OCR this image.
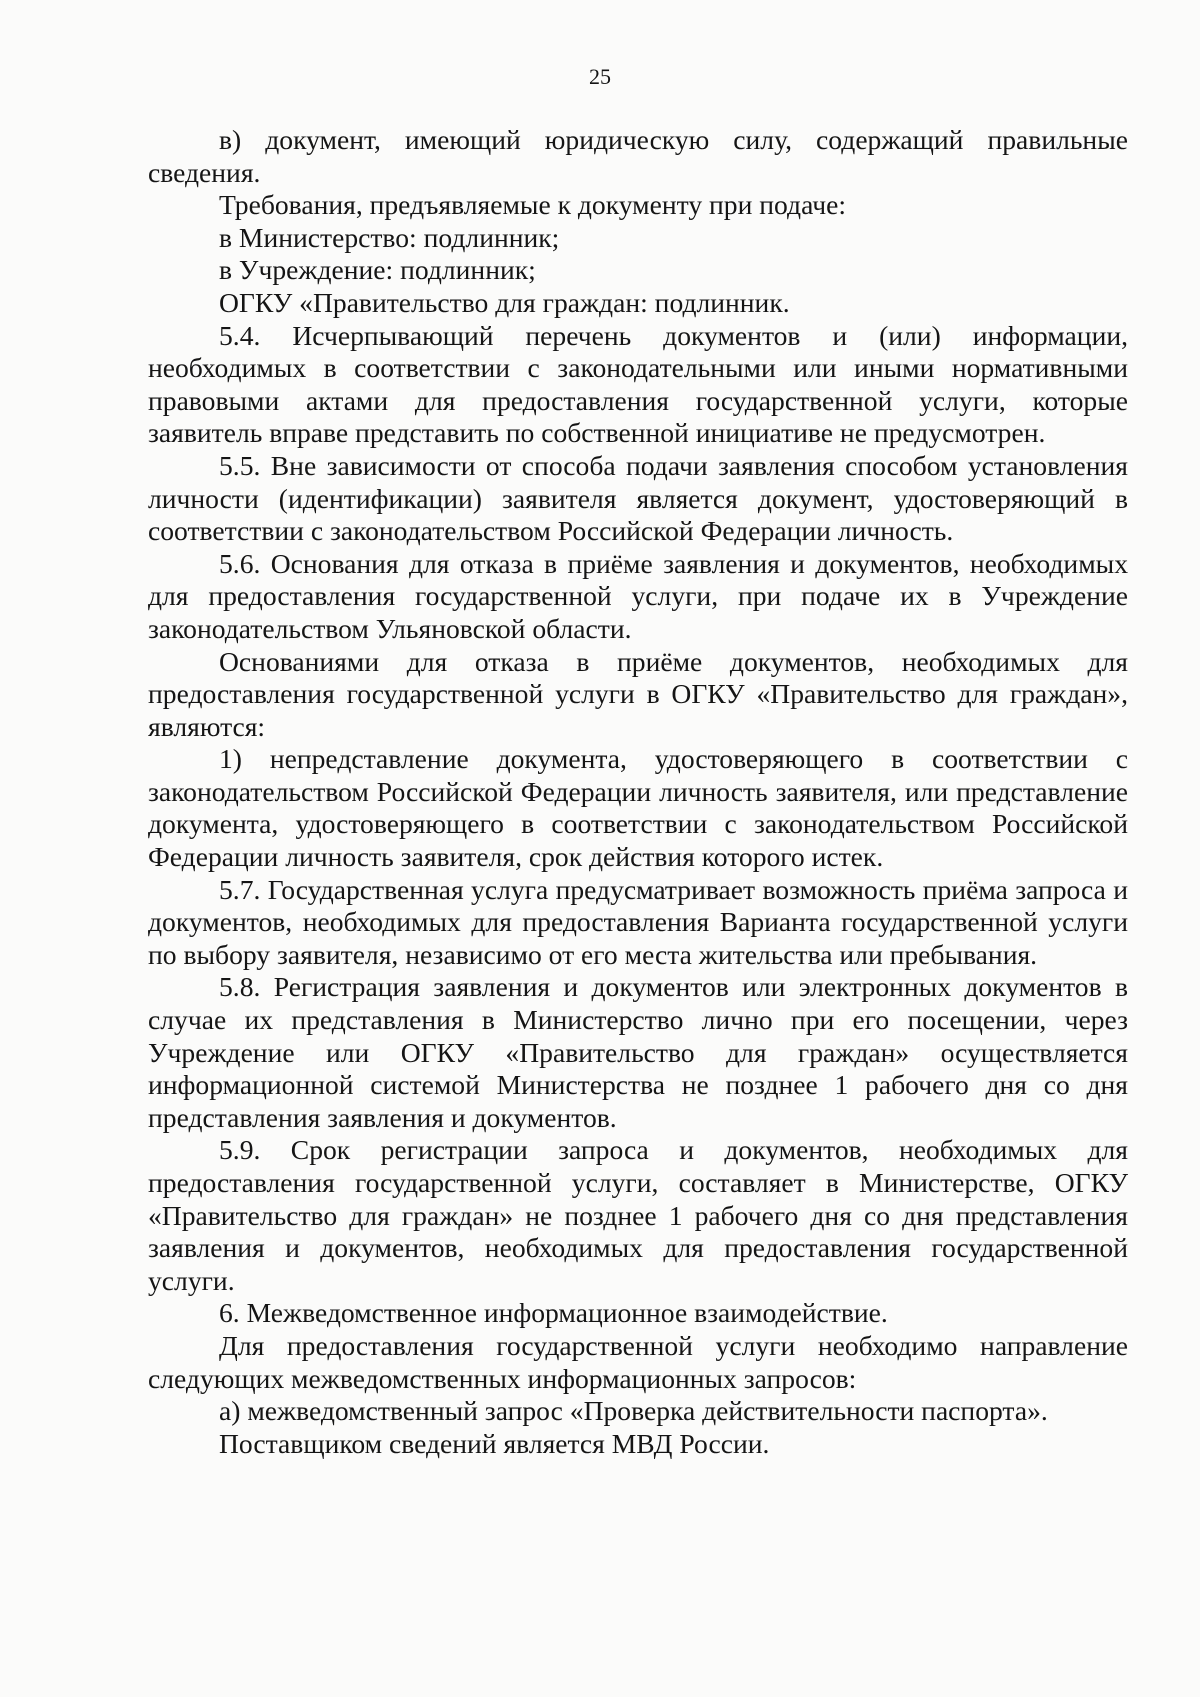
25

в) документ, имеющий юридическую силу, содержащий правильные сведения.

Требования, предъявляемые к документу при подаче:

в Министерство: подлинник;

в Учреждение: подлинник;

ОГКУ «Правительство для граждан: подлинник.

5.4. Исчерпывающий перечень документов и (или) информации, необходимых в соответствии с законодательными или иными нормативными правовыми актами для предоставления государственной услуги, которые заявитель вправе представить по собственной инициативе не предусмотрен.

5.5. Вне зависимости от способа подачи заявления способом установления личности (идентификации) заявителя является документ, удостоверяющий в соответствии с законодательством Российской Федерации личность.

5.6. Основания для отказа в приёме заявления и документов, необходимых для предоставления государственной услуги, при подаче их в Учреждение законодательством Ульяновской области.

Основаниями для отказа в приёме документов, необходимых для предоставления государственной услуги в ОГКУ «Правительство для граждан», являются:

1) непредставление документа, удостоверяющего в соответствии с законодательством Российской Федерации личность заявителя, или представление документа, удостоверяющего в соответствии с законодательством Российской Федерации личность заявителя, срок действия которого истек.

5.7. Государственная услуга предусматривает возможность приёма запроса и документов, необходимых для предоставления Варианта государственной услуги по выбору заявителя, независимо от его места жительства или пребывания.

5.8. Регистрация заявления и документов или электронных документов в случае их представления в Министерство лично при его посещении, через Учреждение или ОГКУ «Правительство для граждан» осуществляется информационной системой Министерства не позднее 1 рабочего дня со дня представления заявления и документов.

5.9. Срок регистрации запроса и документов, необходимых для предоставления государственной услуги, составляет в Министерстве, ОГКУ «Правительство для граждан» не позднее 1 рабочего дня со дня представления заявления и документов, необходимых для предоставления государственной услуги.

6. Межведомственное информационное взаимодействие.

Для предоставления государственной услуги необходимо направление следующих межведомственных информационных запросов:

а) межведомственный запрос «Проверка действительности паспорта».

Поставщиком сведений является МВД России.
